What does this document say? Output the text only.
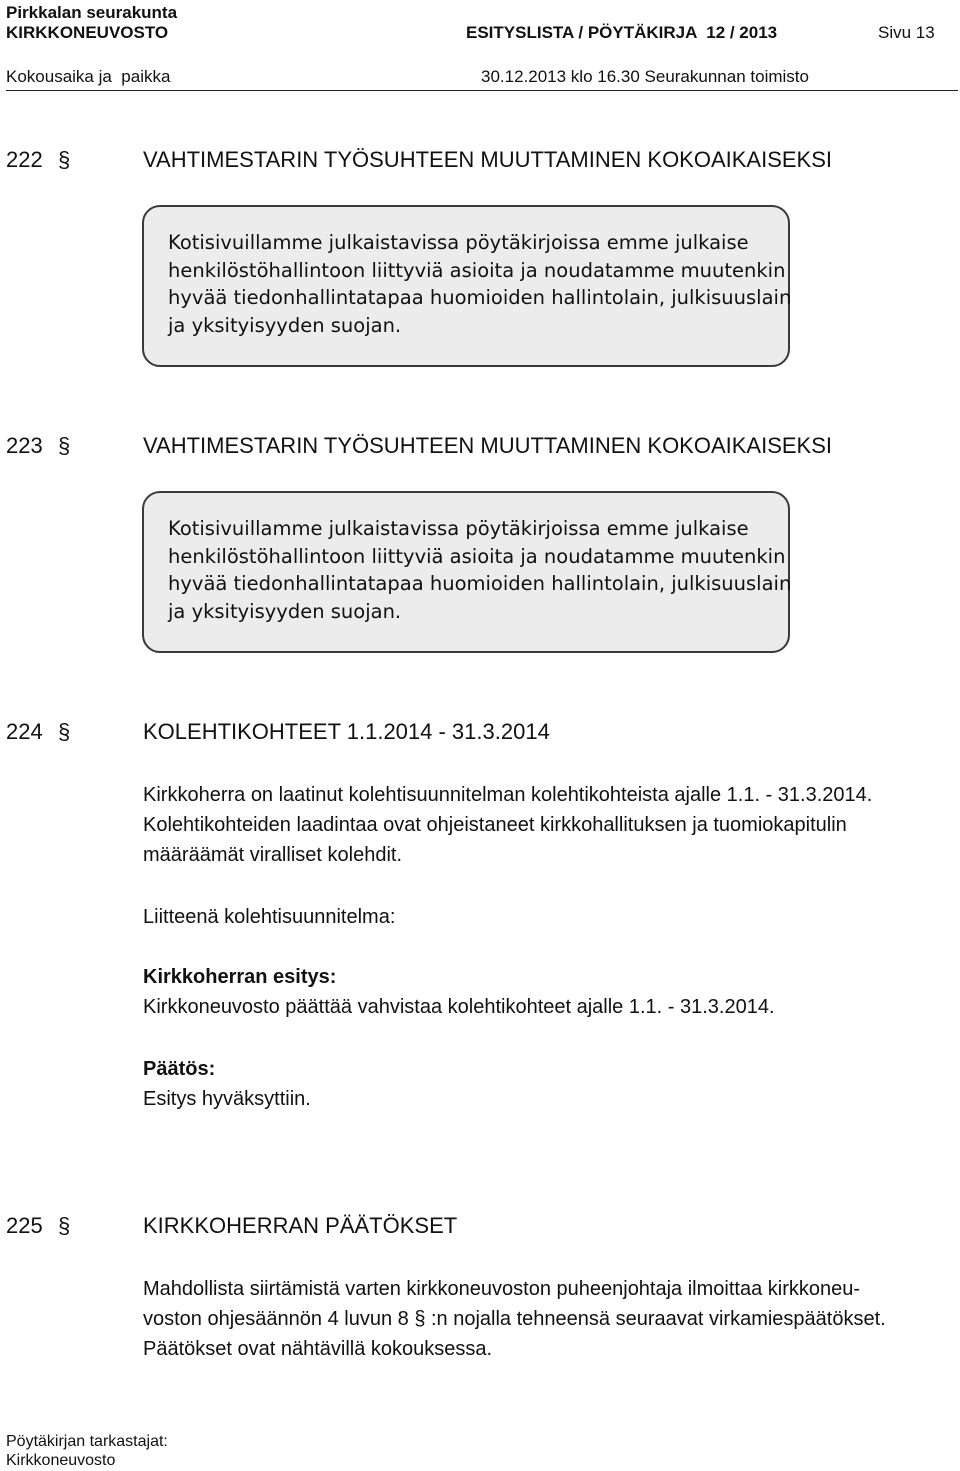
Pirkkalan seurakunta
KIRKKONEUVOSTO	ESITYSLISTA / PÖYTÄKIRJA  12 / 2013	Sivu 13
Kokousaika ja  paikka	30.12.2013 klo 16.30 Seurakunnan toimisto
222 §	VAHTIMESTARIN TYÖSUHTEEN MUUTTAMINEN KOKOAIKAISEKSI

Kotisivuillamme julkaistavissa pöytäkirjoissa emme julkaise

henkilöstöhallintoon liittyviä asioita ja noudatamme muutenkin

hyvää tiedonhallintatapaa huomioiden hallintolain, julkisuuslain

ja yksityisyyden suojan.

223 §	VAHTIMESTARIN TYÖSUHTEEN MUUTTAMINEN KOKOAIKAISEKSI

Kotisivuillamme julkaistavissa pöytäkirjoissa emme julkaise

henkilöstöhallintoon liittyviä asioita ja noudatamme muutenkin

hyvää tiedonhallintatapaa huomioiden hallintolain, julkisuuslain

ja yksityisyyden suojan.

224 §	KOLEHTIKOHTEET 1.1.2014 - 31.3.2014
Kirkkoherra on laatinut kolehtisuunnitelman kolehtikohteista ajalle 1.1. - 31.3.2014.
Kolehtikohteiden laadintaa ovat ohjeistaneet kirkkohallituksen ja tuomiokapitulin
määräämät viralliset kolehdit.
Liitteenä kolehtisuunnitelma:
Kirkkoherran esitys:
Kirkkoneuvosto päättää vahvistaa kolehtikohteet ajalle 1.1. - 31.3.2014.
Päätös:
Esitys hyväksyttiin.
225 §	KIRKKOHERRAN PÄÄTÖKSET
Mahdollista siirtämistä varten kirkkoneuvoston puheenjohtaja ilmoittaa kirkkoneu-
voston ohjesäännön 4 luvun 8 § :n nojalla tehneensä seuraavat virkamiespäätökset.
Päätökset ovat nähtävillä kokouksessa.
Pöytäkirjan tarkastajat:
Kirkkoneuvosto
